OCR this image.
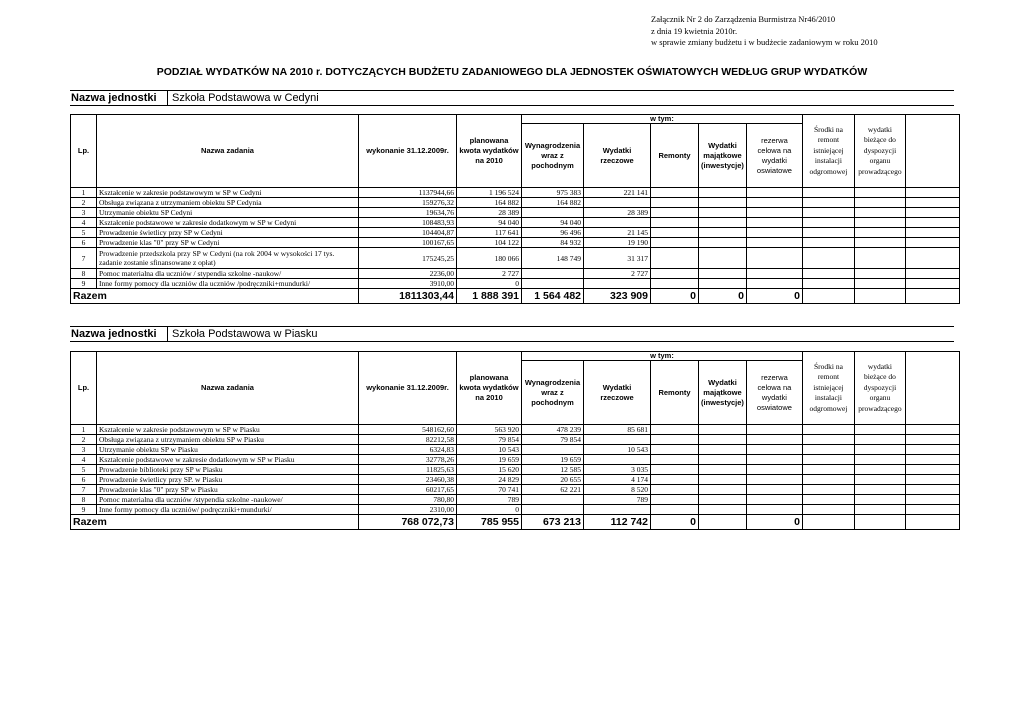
Załącznik Nr 2 do Zarządzenia Burmistrza Nr46/2010
z dnia 19 kwietnia 2010r.
w sprawie zmiany budżetu i w budżecie zadaniowym w roku 2010
PODZIAŁ WYDATKÓW NA 2010 r. DOTYCZĄCYCH BUDŻETU ZADANIOWEGO DLA JEDNOSTEK OŚWIATOWYCH WEDŁUG GRUP WYDATKÓW
Nazwa jednostki	Szkoła Podstawowa w Cedyni
Lp.	Nazwa zadania	wykonanie 31.12.2009r.	planowana kwota wydatków na 2010	w tym:					Środki na remont istniejącej instalacji odgromowej	wydatki bieżące do dyspozycji organu prowadzącego	
				Wynagrodzenia wraz z pochodnym	Wydatki rzeczowe	Remonty	Wydatki majątkowe (inwestycje)	rezerwa celowa na wydatki oswiatowe			
1	Kształcenie w zakresie podstawowym w SP w Cedyni	1137944,66	1 196 524	975 383	221 141						
2	Obsługa związana z utrzymaniem obiektu SP Cedynia	159276,32	164 882	164 882							
3	Utrzymanie obiektu SP Cedyni	19634,76	28 389		28 389						
4	Kształcenie podstawowe w zakresie dodatkowym w SP w Cedyni	108483,93	94 040	94 040							
5	Prowadzenie świetlicy przy SP w Cedyni	104404,87	117 641	96 496	21 145						
6	Prowadzenie klas "0" przy SP w Cedyni	100167,65	104 122	84 932	19 190						
7	Prowadzenie przedszkola przy SP w Cedyni (na rok 2004 w wysokości 17 tys. zadanie zostanie sfinansowane z opłat)	175245,25	180 066	148 749	31 317						
8	Pomoc materialna dla uczniów / stypendia szkolne -naukow/	2236,00	2 727		2 727						
9	Inne formy pomocy dla uczniów dla uczniów /podręczniki+mundurki/	3910,00	0								
Razem		1811303,44	1 888 391	1 564 482	323 909	0	0	0			
Nazwa jednostki	Szkoła Podstawowa w Piasku
Lp.	Nazwa zadania	wykonanie 31.12.2009r.	planowana kwota wydatków na 2010	w tym:					Środki na remont istniejącej instalacji odgromowej	wydatki bieżące do dyspozycji organu prowadzącego	
				Wynagrodzenia wraz z pochodnym	Wydatki rzeczowe	Remonty	Wydatki majątkowe (inwestycje)	rezerwa celowa na wydatki oswiatowe			
1	Kształcenie w zakresie podstawowym w SP w Piasku	548162,60	563 920	478 239	85 681						
2	Obsługa związana z utrzymaniem obiektu SP w Piasku	82212,58	79 854	79 854							
3	Utrzymanie obiektu SP w Piasku	6324,83	10 543		10 543						
4	Kształcenie podstawowe w zakresie dodatkowym w SP w Piasku	32778,26	19 659	19 659							
5	Prowadzenie biblioteki przy SP w Piasku	11825,63	15 620	12 585	3 035						
6	Prowadzenie świetlicy przy SP. w Piasku	23460,38	24 829	20 655	4 174						
7	Prowadzenie klas "0" przy SP w Piasku	60217,65	70 741	62 221	8 520						
8	Pomoc materialna dla uczniów /stypendia szkolne -naukowe/	780,80	789		789						
9	Inne formy pomocy dla uczniów/ podręczniki+mundurki/	2310,00	0								
Razem		768 072,73	785 955	673 213	112 742	0		0			
